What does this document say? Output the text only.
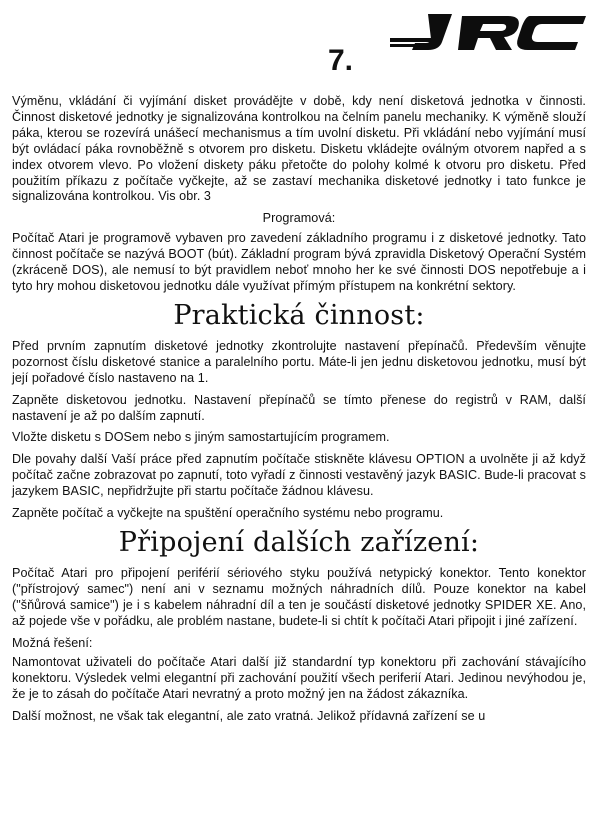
7.

Výměnu, vkládání či vyjímání disket provádějte v době, kdy není disketová jednotka v činnosti. Činnost disketové jednotky je signalizována kontrolkou na čelním panelu mechaniky. K výměně slouží páka, kterou se rozevírá unášecí mechanismus a tím uvolní disketu. Při vkládání nebo vyjímání musí být ovládací páka rovnoběžně s otvorem pro disketu. Disketu vkládejte oválným otvorem napřed a s index otvorem vlevo. Po vložení diskety páku přetočte do polohy kolmé k otvoru pro disketu. Před použitím příkazu z počítače vyčkejte, až se zastaví mechanika disketové jednotky i tato funkce je signalizována kontrolkou. Vis obr. 3

Programová:

Počítač Atari je programově vybaven pro zavedení základního programu i z disketové jednotky. Tato činnost počítače se nazývá BOOT (bút). Základní program bývá zpravidla Disketový Operační Systém (zkráceně DOS), ale nemusí to být pravidlem neboť mnoho her ke své činnosti DOS nepotřebuje a i tyto hry mohou disketovou jednotku dále využívat přímým přístupem na konkrétní sektory.

Praktická činnost:

Před prvním zapnutím disketové jednotky zkontrolujte nastavení přepínačů. Především věnujte pozornost číslu disketové stanice a paralelního portu. Máte-li jen jednu disketovou jednotku, musí být její pořadové číslo nastaveno na 1.

Zapněte disketovou jednotku. Nastavení přepínačů se tímto přenese do registrů v RAM, další nastavení je až po dalším zapnutí.

Vložte disketu s DOSem nebo s jiným samostartujícím programem.

Dle povahy další Vaší práce před zapnutím počítače stiskněte klávesu OPTION a uvolněte ji až když počítač začne zobrazovat po zapnutí, toto vyřadí z činnosti vestavěný jazyk BASIC. Bude-li pracovat s jazykem BASIC, nepřidržujte při startu počítače žádnou klávesu.

Zapněte počítač a vyčkejte na spuštění operačního systému nebo programu.

Připojení dalších zařízení:

Počítač Atari pro připojení periférií sériového styku používá netypický konektor. Tento konektor ("přístrojový samec") není ani v seznamu možných náhradních dílů. Pouze konektor na kabel ("šňůrová samice") je i s kabelem náhradní díl a ten je součástí disketové jednotky SPIDER XE. Ano, až pojede vše v pořádku, ale problém nastane, budete-li si chtít k počítači Atari připojit i jiné zařízení.

Možná řešení:

Namontovat uživateli do počítače Atari další již standardní typ konektoru při zachování stávajícího konektoru. Výsledek velmi elegantní při zachování použití všech periferií Atari. Jedinou nevýhodou je, že je to zásah do počítače Atari nevratný a proto možný jen na žádost zákazníka.

Další možnost, ne však tak elegantní, ale zato vratná. Jelikož přídavná zařízení se u
